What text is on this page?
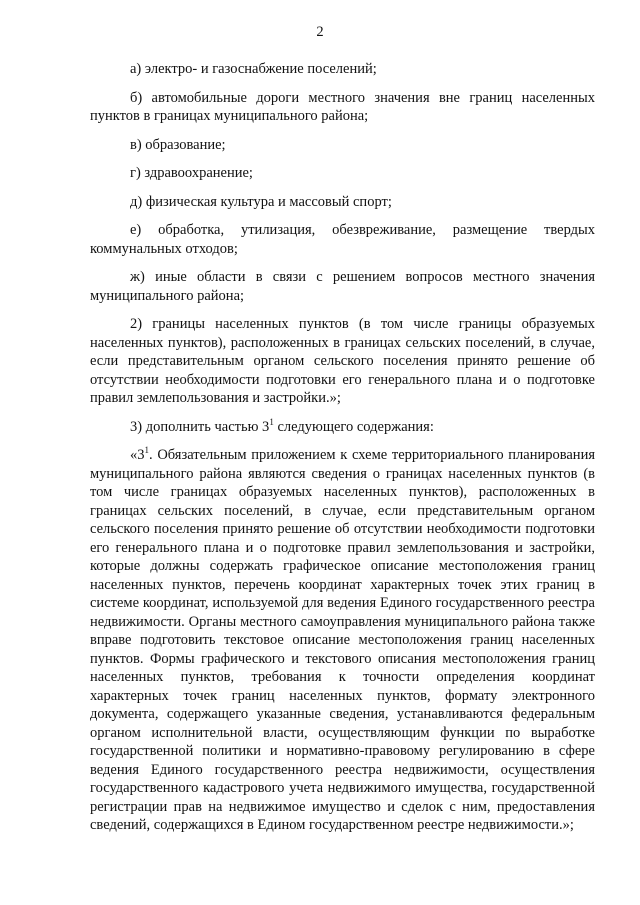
2

а) электро- и газоснабжение поселений;

б) автомобильные дороги местного значения вне границ населенных пунктов в границах муниципального района;

в) образование;

г) здравоохранение;

д) физическая культура и массовый спорт;

е) обработка, утилизация, обезвреживание, размещение твердых коммунальных отходов;

ж) иные области в связи с решением вопросов местного значения муниципального района;

2) границы населенных пунктов (в том числе границы образуемых населенных пунктов), расположенных в границах сельских поселений, в случае, если представительным органом сельского поселения принято решение об отсутствии необходимости подготовки его генерального плана и о подготовке правил землепользования и застройки.»;

3) дополнить частью $3^1$ следующего содержания:

«$3^1$. Обязательным приложением к схеме территориального планирования муниципального района являются сведения о границах населенных пунктов (в том числе границах образуемых населенных пунктов), расположенных в границах сельских поселений, в случае, если представительным органом сельского поселения принято решение об отсутствии необходимости подготовки его генерального плана и о подготовке правил землепользования и застройки, которые должны содержать графическое описание местоположения границ населенных пунктов, перечень координат характерных точек этих границ в системе координат, используемой для ведения Единого государственного реестра недвижимости. Органы местного самоуправления муниципального района также вправе подготовить текстовое описание местоположения границ населенных пунктов. Формы графического и текстового описания местоположения границ населенных пунктов, требования к точности определения координат характерных точек границ населенных пунктов, формату электронного документа, содержащего указанные сведения, устанавливаются федеральным органом исполнительной власти, осуществляющим функции по выработке государственной политики и нормативно-правовому регулированию в сфере ведения Единого государственного реестра недвижимости, осуществления государственного кадастрового учета недвижимого имущества, государственной регистрации прав на недвижимое имущество и сделок с ним, предоставления сведений, содержащихся в Едином государственном реестре недвижимости.»;
